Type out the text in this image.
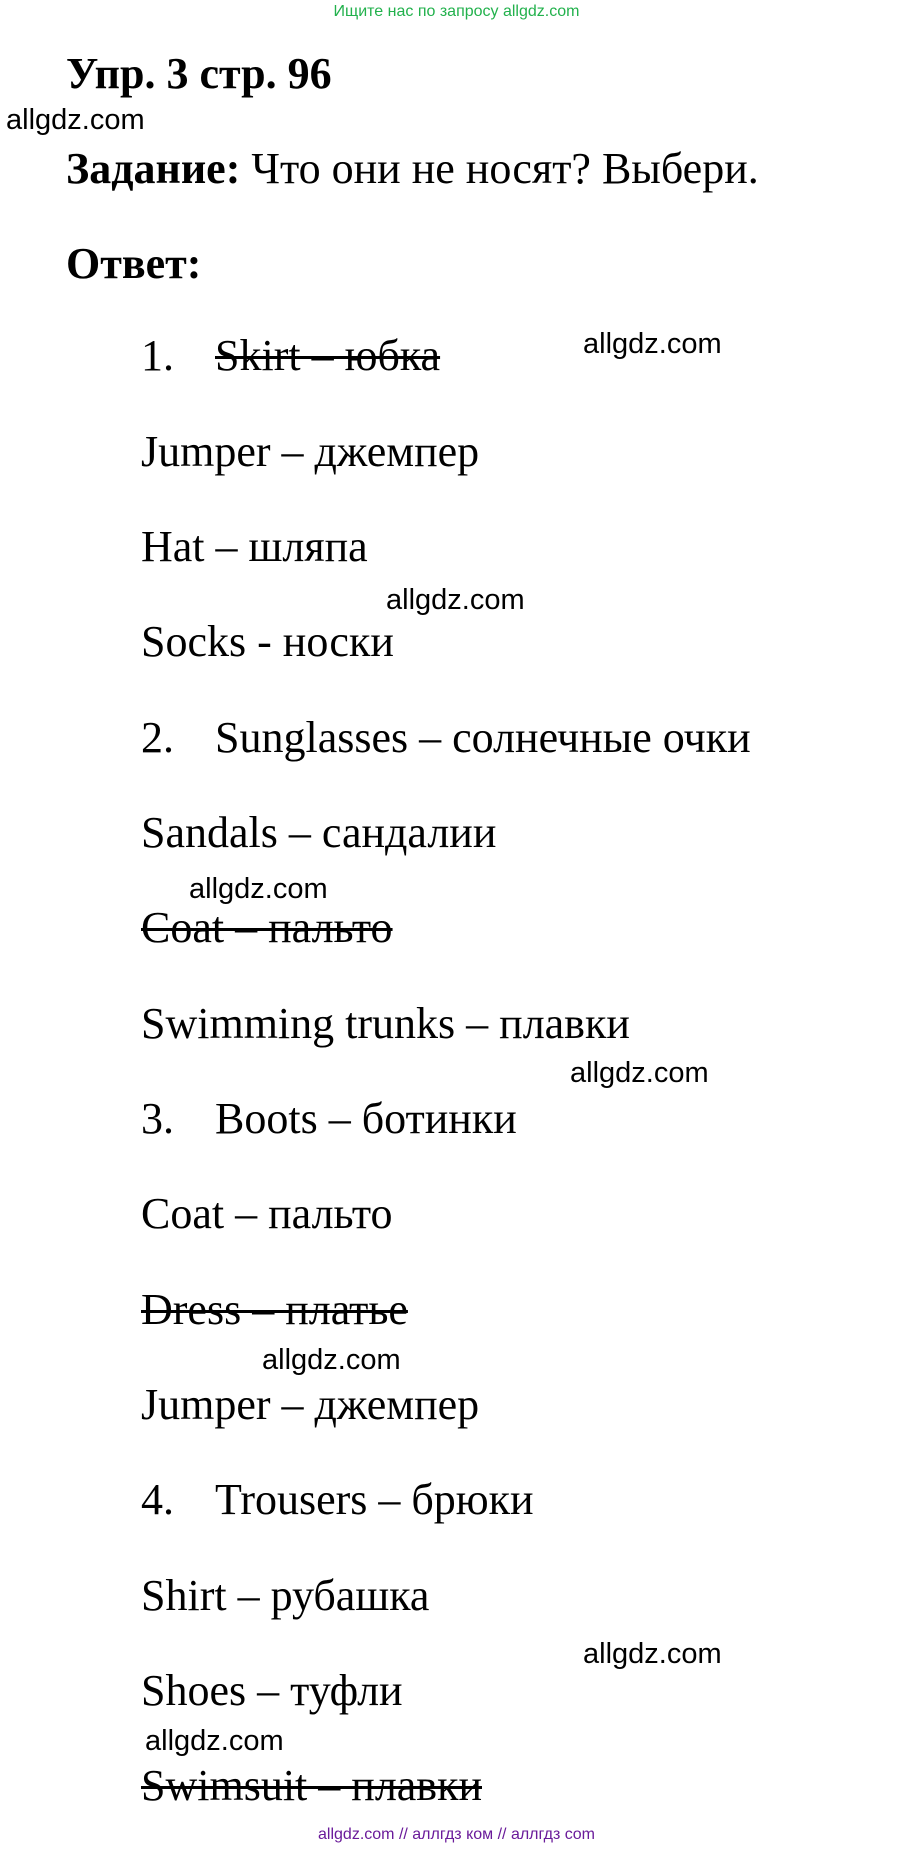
Ищите нас по запросу allgdz.com
Упр. 3 стр. 96
allgdz.com
Задание: Что они не носят? Выбери.
Ответ:
1. Skirt – юбка
Jumper – джемпер
Hat – шляпа
Socks - носки
2. Sunglasses – солнечные очки
Sandals – сандалии
Coat – пальто
Swimming trunks – плавки
3. Boots – ботинки
Coat – пальто
Dress – платье
Jumper – джемпер
4. Trousers – брюки
Shirt – рубашка
Shoes – туфли
Swimsuit – плавки
allgdz.com
allgdz.com
allgdz.com
allgdz.com
allgdz.com
allgdz.com
allgdz.com
allgdz.com // аллгдз ком // аллгдз com
